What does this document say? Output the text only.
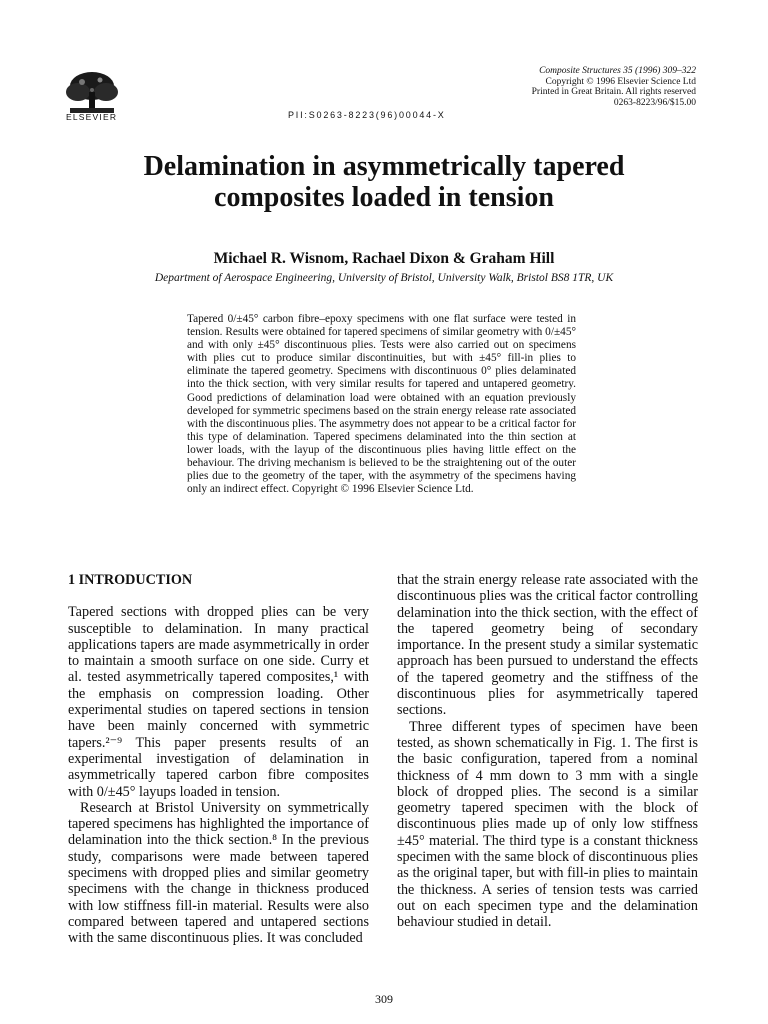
ELSEVIER	PII:S0263-8223(96)00044-X
Composite Structures 35 (1996) 309–322
Copyright © 1996 Elsevier Science Ltd
Printed in Great Britain. All rights reserved
0263-8223/96/$15.00
Delamination in asymmetrically tapered
composites loaded in tension
Michael R. Wisnom, Rachael Dixon & Graham Hill
Department of Aerospace Engineering, University of Bristol, University Walk, Bristol BS8 1TR, UK
Tapered 0/±45° carbon fibre–epoxy specimens with one flat surface were tested in tension. Results were obtained for tapered specimens of similar geometry with 0/±45° and with only ±45° discontinuous plies. Tests were also carried out on specimens with plies cut to produce similar discontinuities, but with ±45° fill-in plies to eliminate the tapered geometry. Specimens with discontinuous 0° plies delaminated into the thick section, with very similar results for tapered and untapered geometry. Good predictions of delamination load were obtained with an equation previously developed for symmetric specimens based on the strain energy release rate associated with the discontinuous plies. The asymmetry does not appear to be a critical factor for this type of delamination. Tapered specimens delaminated into the thin section at lower loads, with the layup of the discontinuous plies having little effect on the behaviour. The driving mechanism is believed to be the straightening out of the outer plies due to the geometry of the taper, with the asymmetry of the specimens having only an indirect effect. Copyright © 1996 Elsevier Science Ltd.
1 INTRODUCTION

Tapered sections with dropped plies can be very susceptible to delamination. In many practical applications tapers are made asymmetrically in order to maintain a smooth surface on one side. Curry et al. tested asymmetrically tapered composites,¹ with the emphasis on compression loading. Other experimental studies on tapered sections in tension have been mainly concerned with symmetric tapers.²⁻⁹ This paper presents results of an experimental investigation of delamination in asymmetrically tapered carbon fibre composites with 0/±45° layups loaded in tension.

Research at Bristol University on symmetrically tapered specimens has highlighted the importance of delamination into the thick section.⁸ In the previous study, comparisons were made between tapered specimens with dropped plies and similar geometry specimens with the change in thickness produced with low stiffness fill-in material. Results were also compared between tapered and untapered sections with the same discontinuous plies. It was concluded

that the strain energy release rate associated with the discontinuous plies was the critical factor controlling delamination into the thick section, with the effect of the tapered geometry being of secondary importance. In the present study a similar systematic approach has been pursued to understand the effects of the tapered geometry and the stiffness of the discontinuous plies for asymmetrically tapered sections.

Three different types of specimen have been tested, as shown schematically in Fig. 1. The first is the basic configuration, tapered from a nominal thickness of 4 mm down to 3 mm with a single block of dropped plies. The second is a similar geometry tapered specimen with the block of discontinuous plies made up of only low stiffness ±45° material. The third type is a constant thickness specimen with the same block of discontinuous plies as the original taper, but with fill-in plies to maintain the thickness. A series of tension tests was carried out on each specimen type and the delamination behaviour studied in detail.

309
